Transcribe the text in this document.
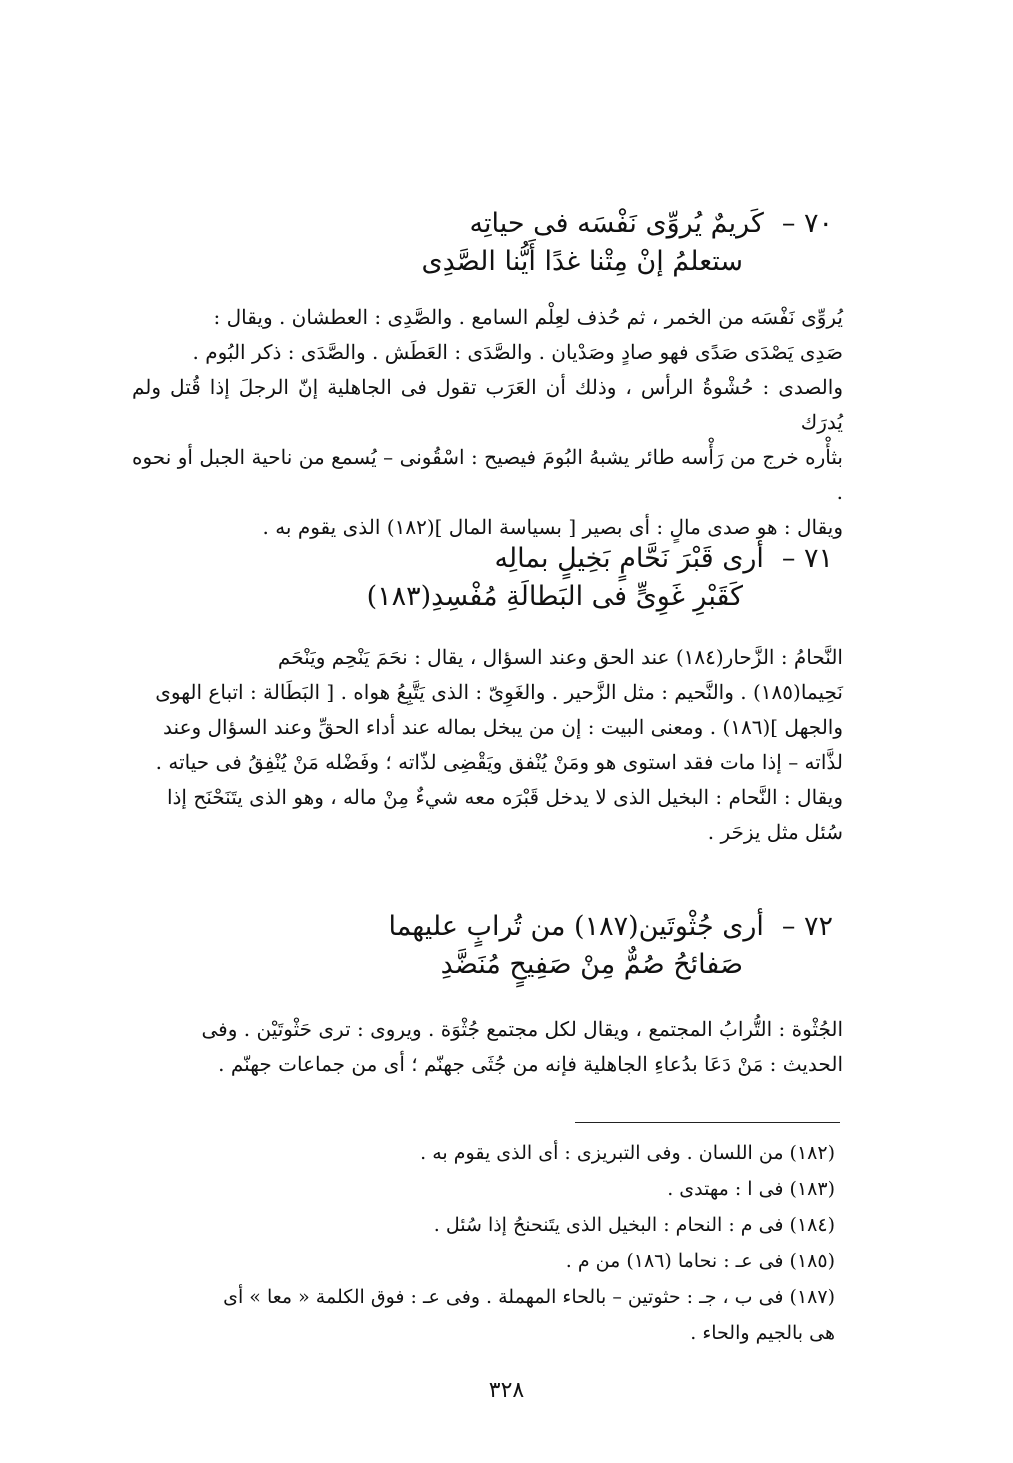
٧٠ –كَريمٌ يُروِّى نَفْسَه فى حياتِه
ستعلمُ إنْ مِتْنا غدًا أَيُّنا الصَّدِى

يُروِّى نَفْسَه من الخمر ، ثم حُذف لعِلْم السامع . والصَّدِى : العطشان . ويقال :

صَدِى يَصْدَى صَدًى فهو صادٍ وصَدْيان . والصَّدَى : العَطَش . والصَّدَى : ذكر البُوم .

والصدى : حُشْوةُ الرأس ، وذلك أن العَرَب تقول فى الجاهلية إنّ الرجلَ إذا قُتل ولم يُدرَك

بثأْره خرج من رَأْسه طائر يشبهُ البُومَ فيصيح : اسْقُونى – يُسمع من ناحية الجبل أو نحوه .

ويقال : هو صدى مالٍ : أى بصير [ بسياسة المال ](١٨٢) الذى يقوم به .

٧١ –أرى قَبْرَ نَحَّامٍ بَخِيلٍ بمالِه
كَقَبْرِ غَوِىٍّ فى البَطالَةِ مُفْسِدِ(١٨٣)

النَّحامُ : الزَّحار(١٨٤) عند الحق وعند السؤال ، يقال : نحَمَ يَنْحِم ويَنْحَم

نَحِيما(١٨٥) . والنَّحيم : مثل الزَّحير . والغَوِىّ : الذى يَتَّبِعُ هواه . [ البَطَالة : اتباع الهوى

والجهل ](١٨٦) . ومعنى البيت : إن من يبخل بماله عند أداء الحقِّ وعند السؤال وعند

لذَّاته – إذا مات فقد استوى هو ومَنْ يُنْفق ويَقْضِى لذّاته ؛ وفَضْله مَنْ يُنْفِقُ فى حياته .

ويقال : النَّحام : البخيل الذى لا يدخل قَبْرَه معه شيءٌ مِنْ ماله ، وهو الذى يتَنَحْنَح إذا

سُئل مثل يزحَر .

٧٢ –أرى جُثْوتَين(١٨٧) من تُرابٍ عليهما
صَفائحُ صُمٌّ مِنْ صَفِيحٍ مُنَضَّدِ

الجُثْوة : التُّرابُ المجتمع ، ويقال لكل مجتمع جُثْوَة . ويروى : ترى حَثْوتَيْن . وفى

الحديث : مَنْ دَعَا بدُعاءِ الجاهلية فإنه من جُثَى جهنّم ؛ أى من جماعات جهنّم .

(١٨٢) من اللسان . وفى التبريزى : أى الذى يقوم به .
(١٨٣) فى ا : مهتدى .
(١٨٤) فى م : النحام : البخيل الذى يتَنحنحُ إذا سُئل .
(١٨٥) فى عـ : نحاما (١٨٦) من م .
(١٨٧) فى ب ، جـ : حثوتين – بالحاء المهملة . وفى عـ : فوق الكلمة « معا » أى
هى بالجيم والحاء .
٣٢٨
